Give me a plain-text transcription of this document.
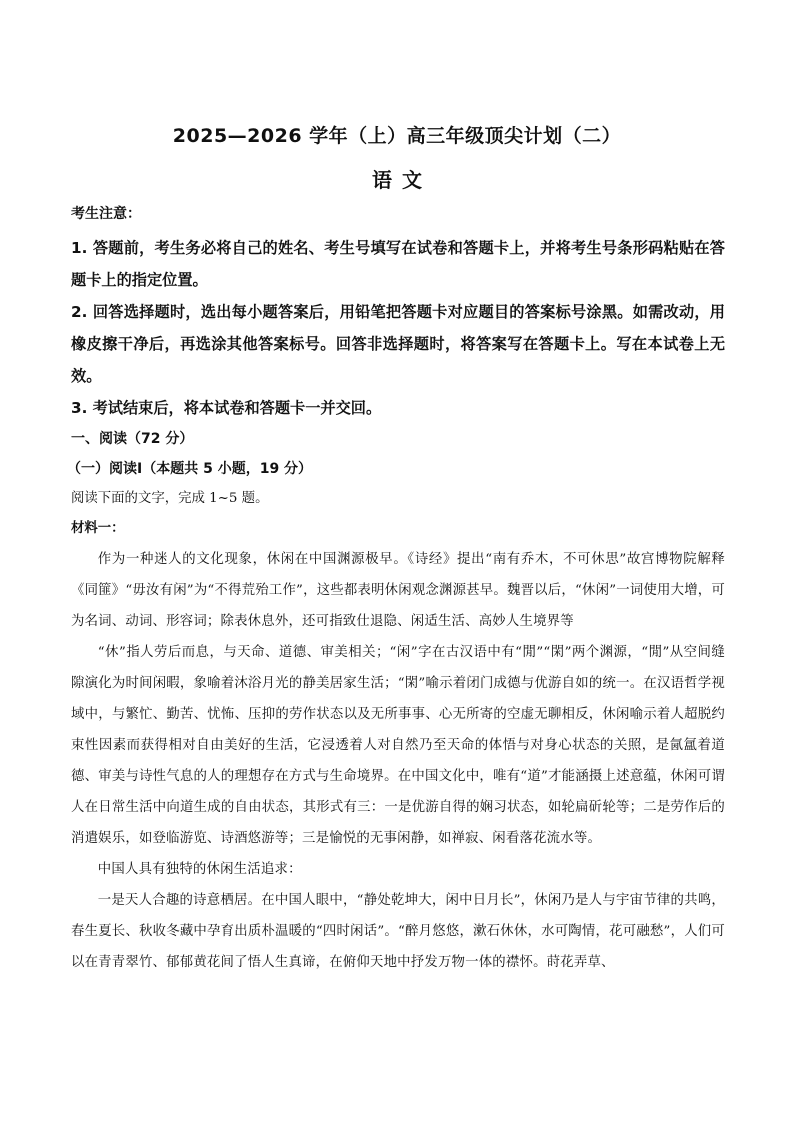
2025—2026 学年（上）高三年级顶尖计划（二）
语文
考生注意：
1. 答题前，考生务必将自己的姓名、考生号填写在试卷和答题卡上，并将考生号条形码粘贴在答题卡上的指定位置。
2. 回答选择题时，选出每小题答案后，用铅笔把答题卡对应题目的答案标号涂黑。如需改动，用橡皮擦干净后，再选涂其他答案标号。回答非选择题时，将答案写在答题卡上。写在本试卷上无效。
3. 考试结束后，将本试卷和答题卡一并交回。
一、阅读（72 分）
（一）阅读Ⅰ（本题共 5 小题，19 分）
阅读下面的文字，完成 1~5 题。
材料一：
作为一种迷人的文化现象，休闲在中国渊源极早。《诗经》提出“南有乔木，不可休思”故宫博物院解释《同篚》“毋汝有闲”为“不得荒殆工作”，这些都表明休闲观念渊源甚早。魏晋以后，“休闲”一词使用大增，可为名词、动词、形容词；除表休息外，还可指致仕退隐、闲适生活、高妙人生境界等
“休”指人劳后而息，与天命、道德、审美相关；“闲”字在古汉语中有“閒”“閑”两个渊源，“閒”从空间缝隙演化为时间闲暇，象喻着沐浴月光的静美居家生活；“閑”喻示着闭门成德与优游自如的统一。在汉语哲学视域中，与繁忙、勤苦、忧怖、压抑的劳作状态以及无所事事、心无所寄的空虚无聊相反，休闲喻示着人超脱约束性因素而获得相对自由美好的生活，它浸透着人对自然乃至天命的体悟与对身心状态的关照，是氤氲着道德、审美与诗性气息的人的理想存在方式与生命境界。在中国文化中，唯有“道”才能涵摄上述意蕴，休闲可谓人在日常生活中向道生成的自由状态，其形式有三：一是优游自得的娴习状态，如轮扁斫轮等；二是劳作后的消遣娱乐，如登临游览、诗酒悠游等；三是愉悦的无事闲静，如禅寂、闲看落花流水等。
中国人具有独特的休闲生活追求：
一是天人合趣的诗意栖居。在中国人眼中，“静处乾坤大，闲中日月长”，休闲乃是人与宇宙节律的共鸣，春生夏长、秋收冬藏中孕育出质朴温暖的“四时闲话”。“醉月悠悠，漱石休休，水可陶情，花可融愁”，人们可以在青青翠竹、郁郁黄花间了悟人生真谛，在俯仰天地中抒发万物一体的襟怀。莳花弄草、
